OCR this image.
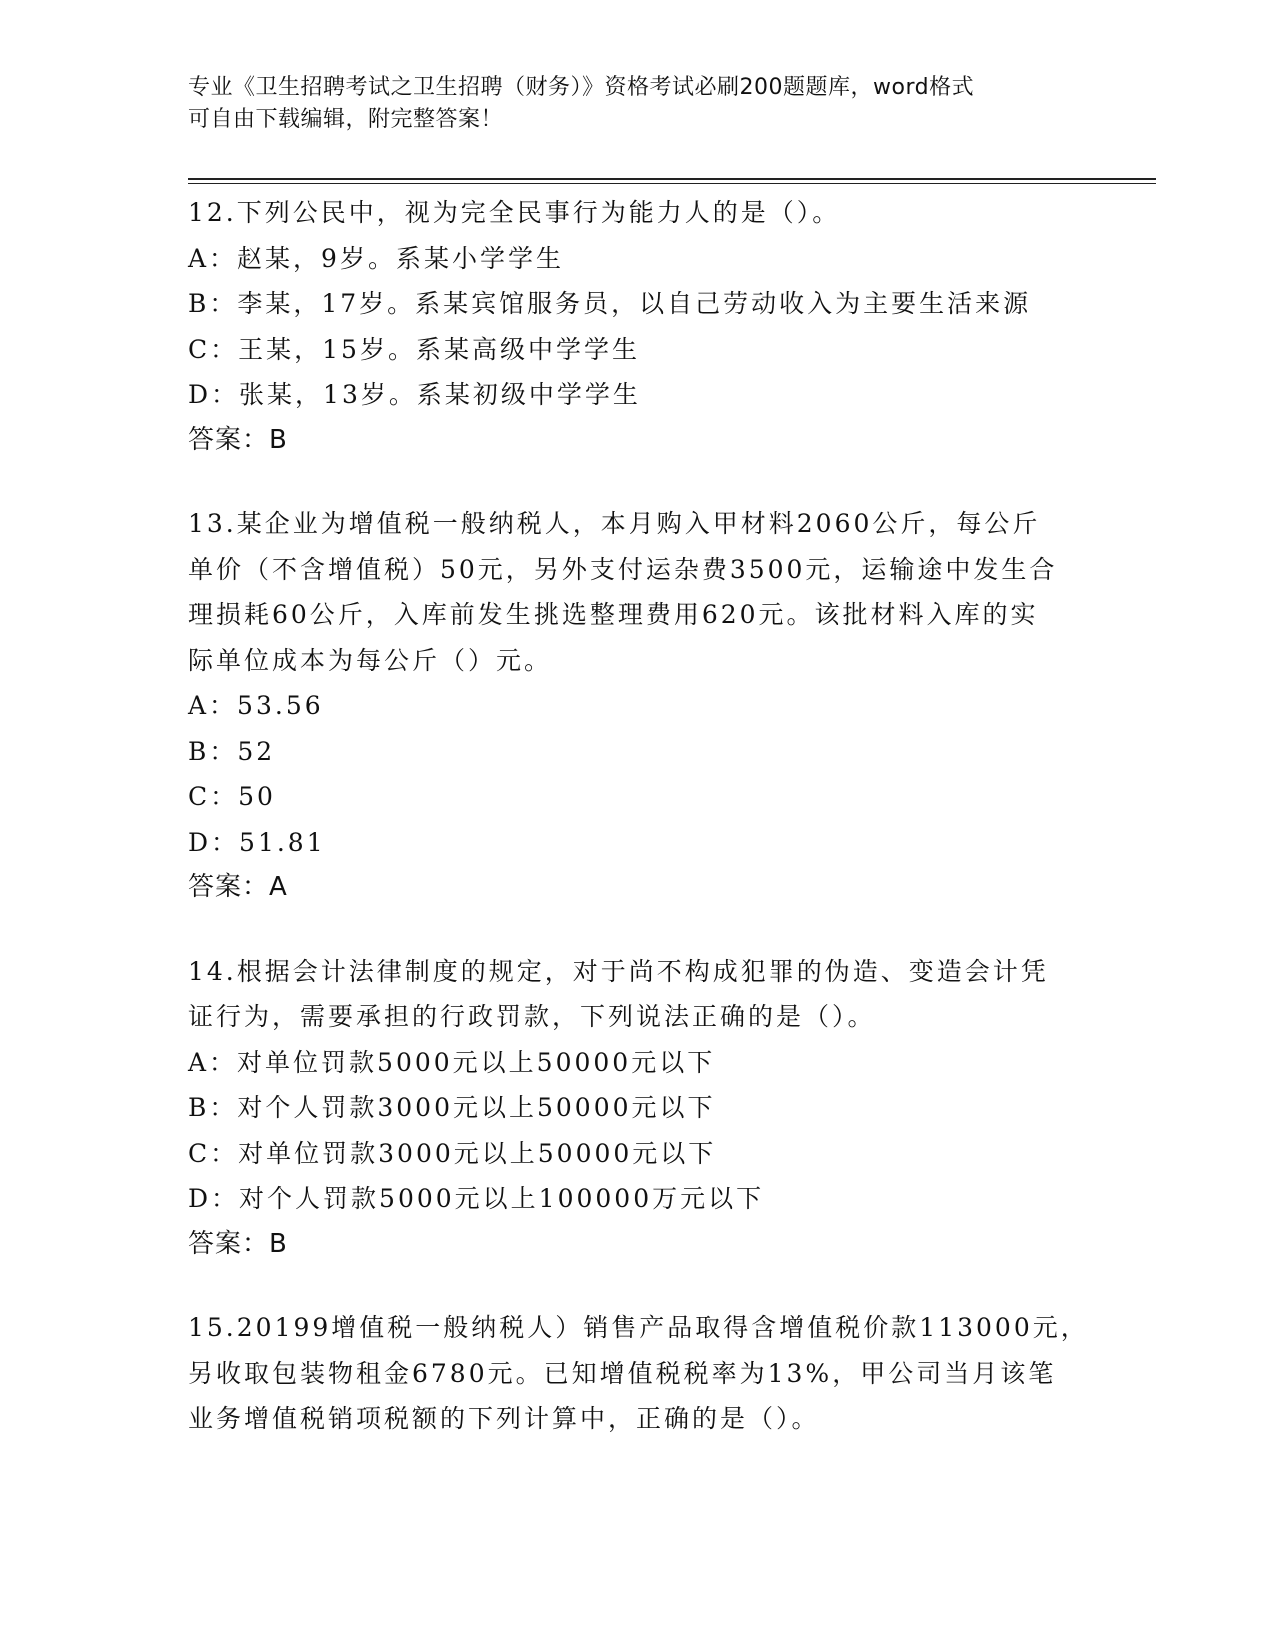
专业《卫生招聘考试之卫生招聘（财务）》资格考试必刷200题题库，word格式
可自由下载编辑，附完整答案！
12.下列公民中，视为完全民事行为能力人的是（）。
A：赵某，9岁。系某小学学生
B：李某，17岁。系某宾馆服务员，以自己劳动收入为主要生活来源
C：王某，15岁。系某高级中学学生
D：张某，13岁。系某初级中学学生
答案：B
13.某企业为增值税一般纳税人，本月购入甲材料2060公斤，每公斤
单价（不含增值税）50元，另外支付运杂费3500元，运输途中发生合
理损耗60公斤，入库前发生挑选整理费用620元。该批材料入库的实
际单位成本为每公斤（）元。
A：53.56
B：52
C：50
D：51.81
答案：A
14.根据会计法律制度的规定，对于尚不构成犯罪的伪造、变造会计凭
证行为，需要承担的行政罚款，下列说法正确的是（）。
A：对单位罚款5000元以上50000元以下
B：对个人罚款3000元以上50000元以下
C：对单位罚款3000元以上50000元以下
D：对个人罚款5000元以上100000万元以下
答案：B
15.20199增值税一般纳税人）销售产品取得含增值税价款113000元，
另收取包装物租金6780元。已知增值税税率为13%，甲公司当月该笔
业务增值税销项税额的下列计算中，正确的是（）。
